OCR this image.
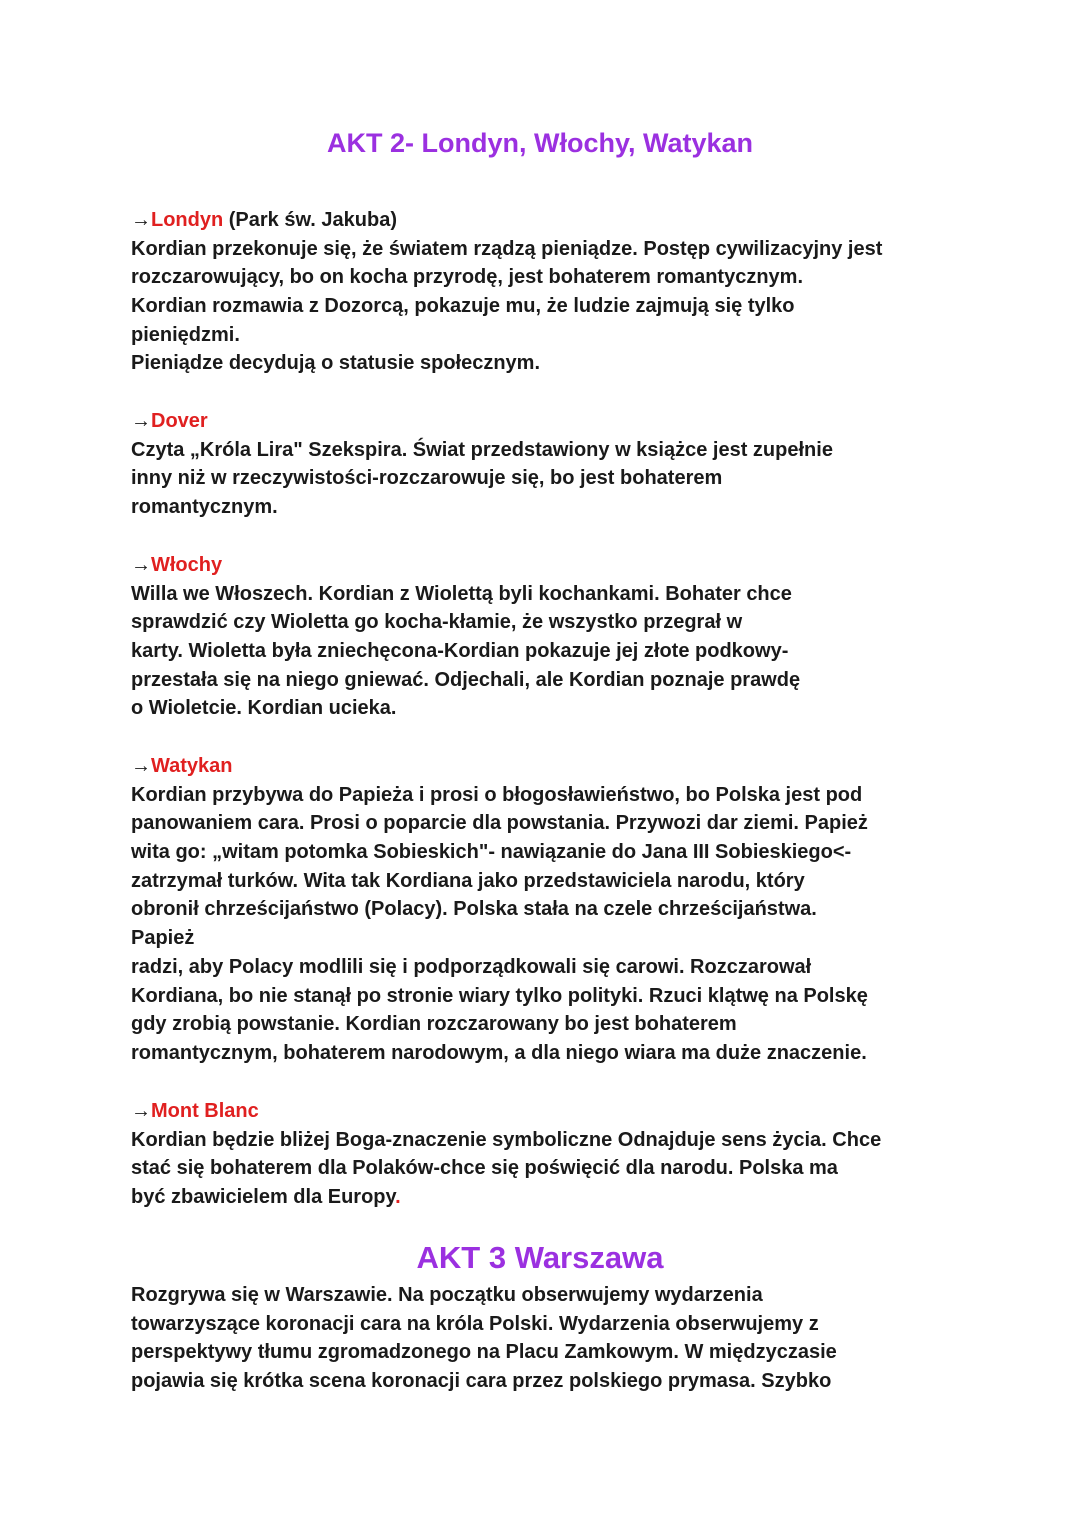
AKT 2- Londyn, Włochy, Watykan
→Londyn (Park św. Jakuba)
Kordian przekonuje się, że światem rządzą pieniądze. Postęp cywilizacyjny jest
rozczarowujący, bo on kocha przyrodę, jest bohaterem romantycznym.
Kordian rozmawia z Dozorcą, pokazuje mu, że ludzie zajmują się tylko
pieniędzmi.
Pieniądze decydują o statusie społecznym.
→Dover
Czyta „Króla Lira" Szekspira. Świat przedstawiony w książce jest zupełnie
inny niż w rzeczywistości-rozczarowuje się, bo jest bohaterem
romantycznym.
→Włochy
Willa we Włoszech. Kordian z Wiolettą byli kochankami. Bohater chce
sprawdzić czy Wioletta go kocha-kłamie, że wszystko przegrał w
karty. Wioletta była zniechęcona-Kordian pokazuje jej złote podkowy-
przestała się na niego gniewać. Odjechali, ale Kordian poznaje prawdę
o Wioletcie. Kordian ucieka.
→Watykan
Kordian przybywa do Papieża i prosi o błogosławieństwo, bo Polska jest pod
panowaniem cara. Prosi o poparcie dla powstania. Przywozi dar ziemi. Papież
wita go: „witam potomka Sobieskich"- nawiązanie do Jana III Sobieskiego<-
zatrzymał turków. Wita tak Kordiana jako przedstawiciela narodu, który
obronił chrześcijaństwo (Polacy). Polska stała na czele chrześcijaństwa.
Papież
radzi, aby Polacy modlili się i podporządkowali się carowi. Rozczarował
Kordiana, bo nie stanął po stronie wiary tylko polityki. Rzuci klątwę na Polskę
gdy zrobią powstanie. Kordian rozczarowany bo jest bohaterem
romantycznym, bohaterem narodowym, a dla niego wiara ma duże znaczenie.
→Mont Blanc
Kordian będzie bliżej Boga-znaczenie symboliczne Odnajduje sens życia. Chce
stać się bohaterem dla Polaków-chce się poświęcić dla narodu. Polska ma
być zbawicielem dla Europy.
AKT 3 Warszawa
Rozgrywa się w Warszawie. Na początku obserwujemy wydarzenia
towarzyszące koronacji cara na króla Polski. Wydarzenia obserwujemy z
perspektywy tłumu zgromadzonego na Placu Zamkowym. W międzyczasie
pojawia się krótka scena koronacji cara przez polskiego prymasa. Szybko
